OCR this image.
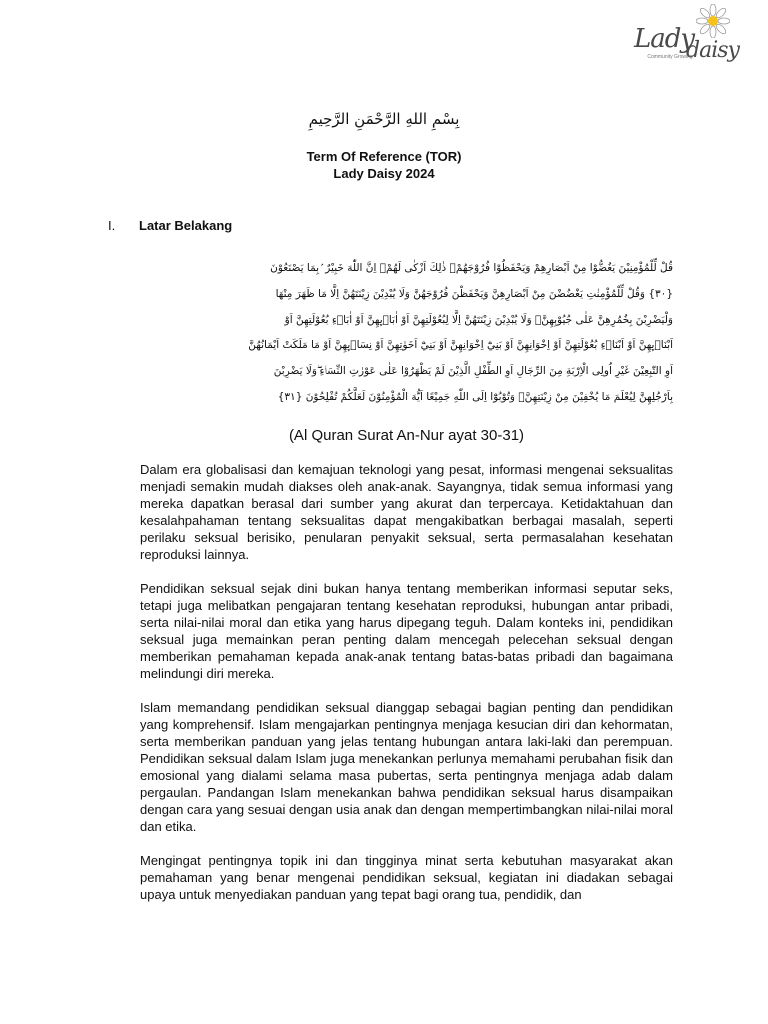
Lady
daisy
Community Growing
بِسْمِ اللهِ الرَّحْمَنِ الرَّحِيمِ
Term Of Reference (TOR)
Lady Daisy 2024
I. Latar Belakang

قُلْ لِّلْمُؤْمِنِيْنَ يَغُضُّوْا مِنْ اَبْصَارِهِمْ وَيَحْفَظُوْا فُرُوْجَهُمْۗ ذٰلِكَ اَزْكٰى لَهُمْۗ اِنَّ اللّٰهَ خَبِيْرٌ ۢبِمَا يَصْنَعُوْنَ

{٣٠} وَقُلْ لِّلْمُؤْمِنٰتِ يَغْضُضْنَ مِنْ اَبْصَارِهِنَّ وَيَحْفَظْنَ فُرُوْجَهُنَّ وَلَا يُبْدِيْنَ زِيْنَتَهُنَّ اِلَّا مَا ظَهَرَ مِنْهَا

وَلْيَضْرِبْنَ بِخُمُرِهِنَّ عَلٰى جُيُوْبِهِنَّۖ وَلَا يُبْدِيْنَ زِيْنَتَهُنَّ اِلَّا لِبُعُوْلَتِهِنَّ اَوْ اٰبَاۤىِٕهِنَّ اَوْ اٰبَاۤءِ بُعُوْلَتِهِنَّ اَوْ

اَبْنَاۤىِٕهِنَّ اَوْ اَبْنَاۤءِ بُعُوْلَتِهِنَّ اَوْ اِخْوَانِهِنَّ اَوْ بَنِيْٓ اِخْوَانِهِنَّ اَوْ بَنِيْٓ اَخَوٰتِهِنَّ اَوْ نِسَاۤىِٕهِنَّ اَوْ مَا مَلَكَتْ اَيْمَانُهُنَّ

اَوِ التّٰبِعِيْنَ غَيْرِ اُولِى الْاِرْبَةِ مِنَ الرِّجَالِ اَوِ الطِّفْلِ الَّذِيْنَ لَمْ يَظْهَرُوْا عَلٰى عَوْرٰتِ النِّسَاۤءِ ۖوَلَا يَضْرِبْنَ

بِاَرْجُلِهِنَّ لِيُعْلَمَ مَا يُخْفِيْنَ مِنْ زِيْنَتِهِنَّۗ وَتُوْبُوْٓا اِلَى اللّٰهِ جَمِيْعًا اَيُّهَ الْمُؤْمِنُوْنَ لَعَلَّكُمْ تُفْلِحُوْنَ {٣١}

(Al Quran Surat An-Nur ayat 30-31)

Dalam era globalisasi dan kemajuan teknologi yang pesat, informasi mengenai seksualitas menjadi semakin mudah diakses oleh anak-anak. Sayangnya, tidak semua informasi yang mereka dapatkan berasal dari sumber yang akurat dan terpercaya. Ketidaktahuan dan kesalahpahaman tentang seksualitas dapat mengakibatkan berbagai masalah, seperti perilaku seksual berisiko, penularan penyakit seksual, serta permasalahan kesehatan reproduksi lainnya.

Pendidikan seksual sejak dini bukan hanya tentang memberikan informasi seputar seks, tetapi juga melibatkan pengajaran tentang kesehatan reproduksi, hubungan antar pribadi, serta nilai-nilai moral dan etika yang harus dipegang teguh. Dalam konteks ini, pendidikan seksual juga memainkan peran penting dalam mencegah pelecehan seksual dengan memberikan pemahaman kepada anak-anak tentang batas-batas pribadi dan bagaimana melindungi diri mereka.

Islam memandang pendidikan seksual dianggap sebagai bagian penting dan pendidikan yang komprehensif. Islam mengajarkan pentingnya menjaga kesucian diri dan kehormatan, serta memberikan panduan yang jelas tentang hubungan antara laki-laki dan perempuan. Pendidikan seksual dalam Islam juga menekankan perlunya memahami perubahan fisik dan emosional yang dialami selama masa pubertas, serta pentingnya menjaga adab dalam pergaulan. Pandangan Islam menekankan bahwa pendidikan seksual harus disampaikan dengan cara yang sesuai dengan usia anak dan dengan mempertimbangkan nilai-nilai moral dan etika.

Mengingat pentingnya topik ini dan tingginya minat serta kebutuhan masyarakat akan pemahaman yang benar mengenai pendidikan seksual, kegiatan ini diadakan sebagai upaya untuk menyediakan panduan yang tepat bagi orang tua, pendidik, dan
